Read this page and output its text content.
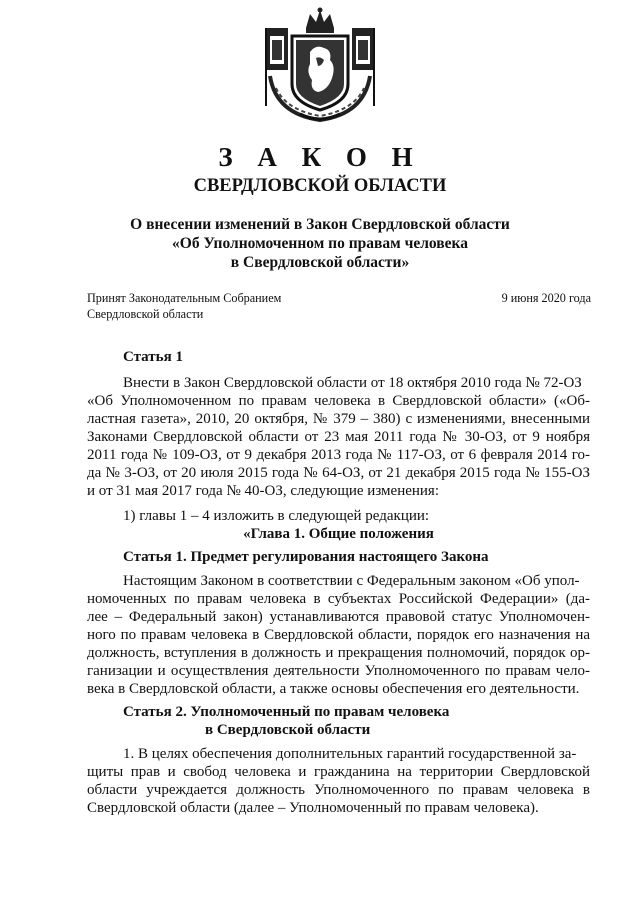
З А К О Н
СВЕРДЛОВСКОЙ ОБЛАСТИ
О внесении изменений в Закон Свердловской области
«Об Уполномоченном по правам человека
в Свердловской области»
Принят Законодательным Собранием
Свердловской области
9 июня 2020 года
Статья 1
Внести в Закон Свердловской области от 18 октября 2010 года № 72-ОЗ
«Об Уполномоченном по правам человека в Свердловской области» («Об-
ластная газета», 2010, 20 октября, № 379 – 380) с изменениями, внесенными
Законами Свердловской области от 23 мая 2011 года № 30-ОЗ, от 9 ноября
2011 года № 109-ОЗ, от 9 декабря 2013 года № 117-ОЗ, от 6 февраля 2014 го-
да № 3-ОЗ, от 20 июля 2015 года № 64-ОЗ, от 21 декабря 2015 года № 155-ОЗ
и от 31 мая 2017 года № 40-ОЗ, следующие изменения:
1) главы 1 – 4 изложить в следующей редакции:
«Глава 1. Общие положения
Статья 1. Предмет регулирования настоящего Закона
Настоящим Законом в соответствии с Федеральным законом «Об упол-
номоченных по правам человека в субъектах Российской Федерации» (да-
лее – Федеральный закон) устанавливаются правовой статус Уполномочен-
ного по правам человека в Свердловской области, порядок его назначения на
должность, вступления в должность и прекращения полномочий, порядок ор-
ганизации и осуществления деятельности Уполномоченного по правам чело-
века в Свердловской области, а также основы обеспечения его деятельности.
Статья 2. Уполномоченный по правам человека
в Свердловской области
1. В целях обеспечения дополнительных гарантий государственной за-
щиты прав и свобод человека и гражданина на территории Свердловской
области учреждается должность Уполномоченного по правам человека в
Свердловской области (далее – Уполномоченный по правам человека).
